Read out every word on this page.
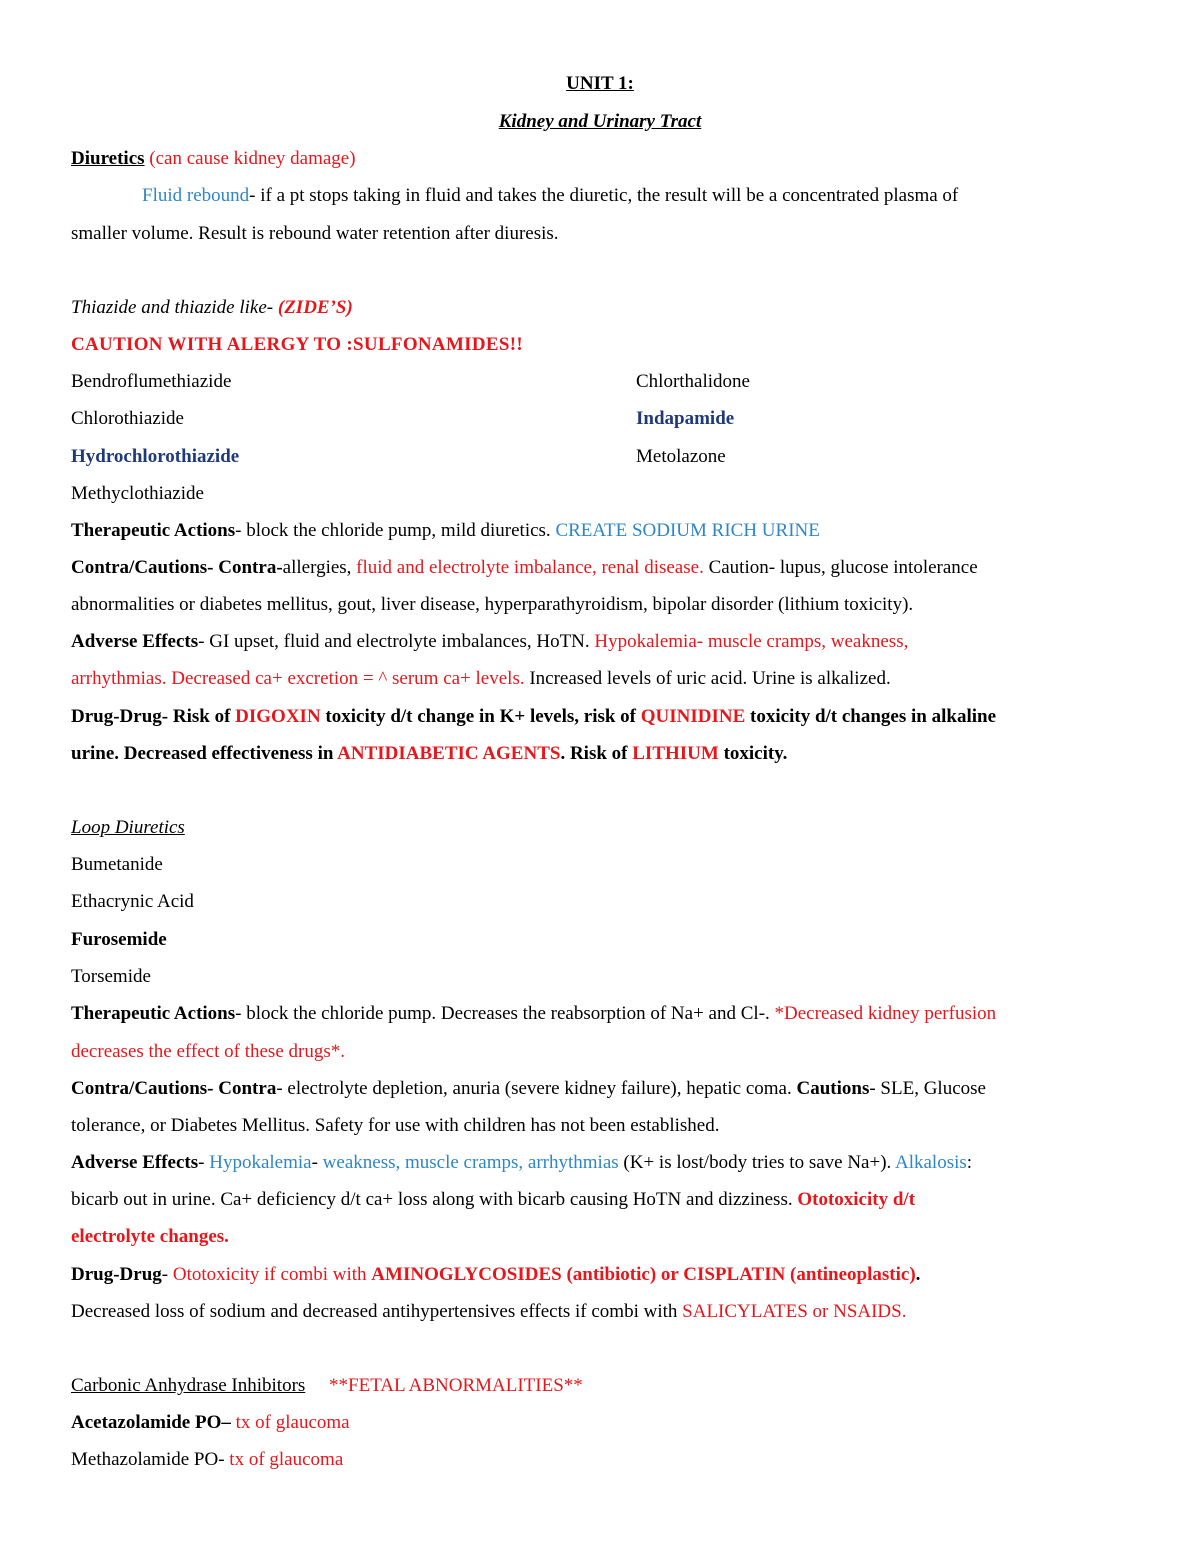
UNIT 1:
Kidney and Urinary Tract
Diuretics (can cause kidney damage)
Fluid rebound- if a pt stops taking in fluid and takes the diuretic, the result will be a concentrated plasma of
smaller volume. Result is rebound water retention after diuresis.
Thiazide and thiazide like- (ZIDE’S)
CAUTION WITH ALERGY TO :SULFONAMIDES!!
Bendroflumethiazide	Chlorthalidone
Chlorothiazide	Indapamide
Hydrochlorothiazide	Metolazone
Methyclothiazide
Therapeutic Actions- block the chloride pump, mild diuretics. CREATE SODIUM RICH URINE
Contra/Cautions- Contra-allergies, fluid and electrolyte imbalance, renal disease. Caution- lupus, glucose intolerance
abnormalities or diabetes mellitus, gout, liver disease, hyperparathyroidism, bipolar disorder (lithium toxicity).
Adverse Effects- GI upset, fluid and electrolyte imbalances, HoTN. Hypokalemia- muscle cramps, weakness,
arrhythmias. Decreased ca+ excretion = ^ serum ca+ levels. Increased levels of uric acid. Urine is alkalized.
Drug-Drug- Risk of DIGOXIN toxicity d/t change in K+ levels, risk of QUINIDINE toxicity d/t changes in alkaline
urine. Decreased effectiveness in ANTIDIABETIC AGENTS. Risk of LITHIUM toxicity.
Loop Diuretics
Bumetanide
Ethacrynic Acid
Furosemide
Torsemide
Therapeutic Actions- block the chloride pump. Decreases the reabsorption of Na+ and Cl-. *Decreased kidney perfusion
decreases the effect of these drugs*.
Contra/Cautions- Contra- electrolyte depletion, anuria (severe kidney failure), hepatic coma. Cautions- SLE, Glucose
tolerance, or Diabetes Mellitus. Safety for use with children has not been established.
Adverse Effects- Hypokalemia- weakness, muscle cramps, arrhythmias (K+ is lost/body tries to save Na+). Alkalosis:
bicarb out in urine. Ca+ deficiency d/t ca+ loss along with bicarb causing HoTN and dizziness. Ototoxicity d/t
electrolyte changes.
Drug-Drug- Ototoxicity if combi with AMINOGLYCOSIDES (antibiotic) or CISPLATIN (antineoplastic).
Decreased loss of sodium and decreased antihypertensives effects if combi with SALICYLATES or NSAIDS.
Carbonic Anhydrase Inhibitors **FETAL ABNORMALITIES**
Acetazolamide PO– tx of glaucoma
Methazolamide PO- tx of glaucoma
